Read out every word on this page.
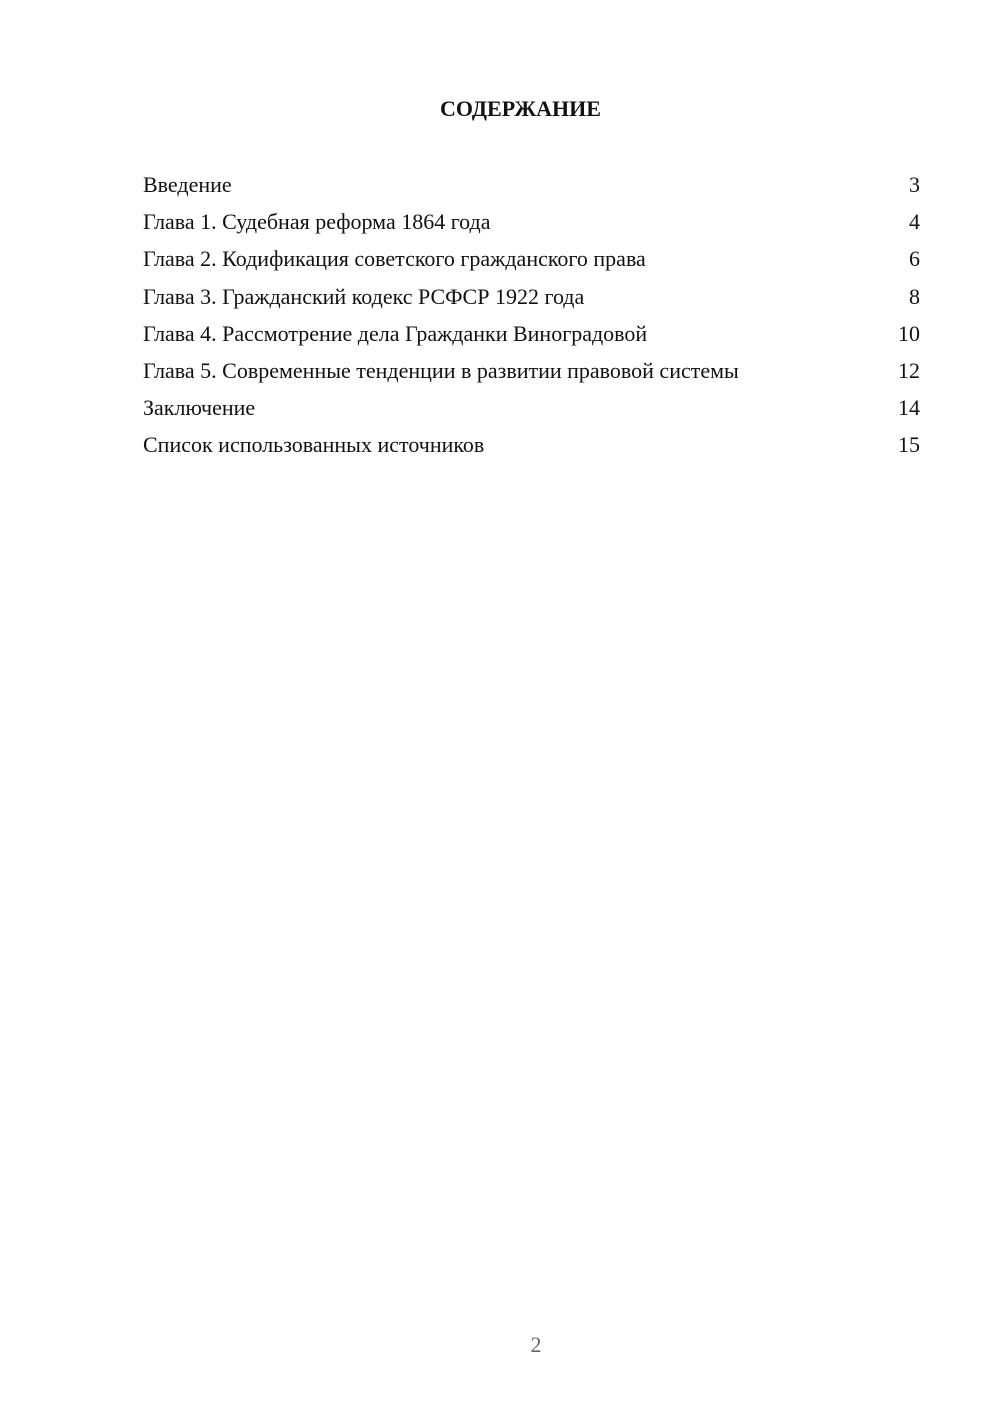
СОДЕРЖАНИЕ
Введение	3
Глава 1. Судебная реформа 1864 года	4
Глава 2. Кодификация советского гражданского права	6
Глава 3. Гражданский кодекс РСФСР 1922 года	8
Глава 4. Рассмотрение дела Гражданки Виноградовой	10
Глава 5. Современные тенденции в развитии правовой системы	12
Заключение	14
Список использованных источников	15
2
